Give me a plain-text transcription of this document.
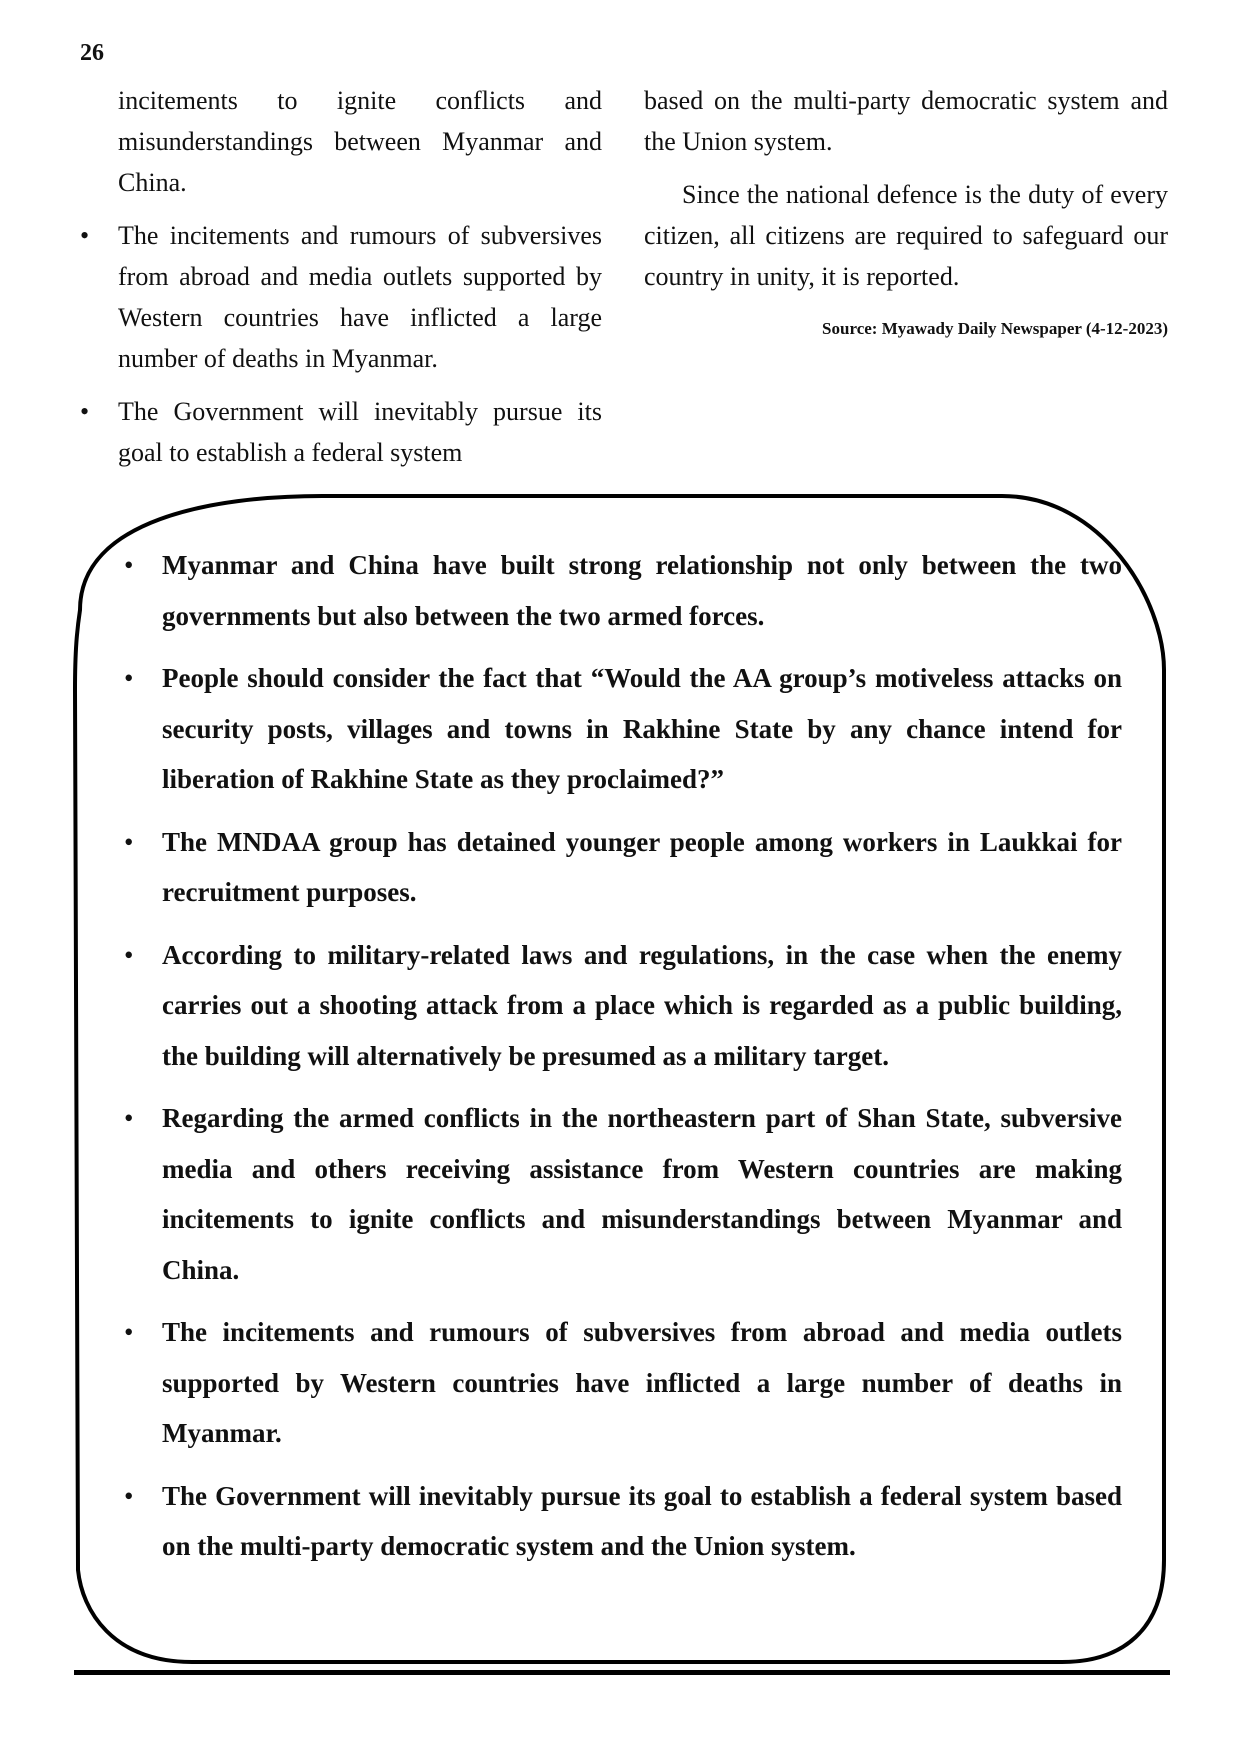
26

incitements to ignite conflicts and misunderstandings between Myanmar and China.

• The incitements and rumours of subversives from abroad and media outlets supported by Western countries have inflicted a large number of deaths in Myanmar.
• The Government will inevitably pursue its goal to establish a federal system

based on the multi-party democratic system and the Union system.

Since the national defence is the duty of every citizen, all citizens are required to safeguard our country in unity, it is reported.

Source: Myawady Daily Newspaper (4-12-2023)
• Myanmar and China have built strong relationship not only between the two governments but also between the two armed forces.
• People should consider the fact that “Would the AA group’s motiveless attacks on security posts, villages and towns in Rakhine State by any chance intend for liberation of Rakhine State as they proclaimed?”
• The MNDAA group has detained younger people among workers in Laukkai for recruitment purposes.
• According to military-related laws and regulations, in the case when the enemy carries out a shooting attack from a place which is regarded as a public building, the building will alternatively be presumed as a military target.
• Regarding the armed conflicts in the northeastern part of Shan State, subversive media and others receiving assistance from Western countries are making incitements to ignite conflicts and misunderstandings between Myanmar and China.
• The incitements and rumours of subversives from abroad and media outlets supported by Western countries have inflicted a large number of deaths in Myanmar.
• The Government will inevitably pursue its goal to establish a federal system based on the multi-party democratic system and the Union system.
